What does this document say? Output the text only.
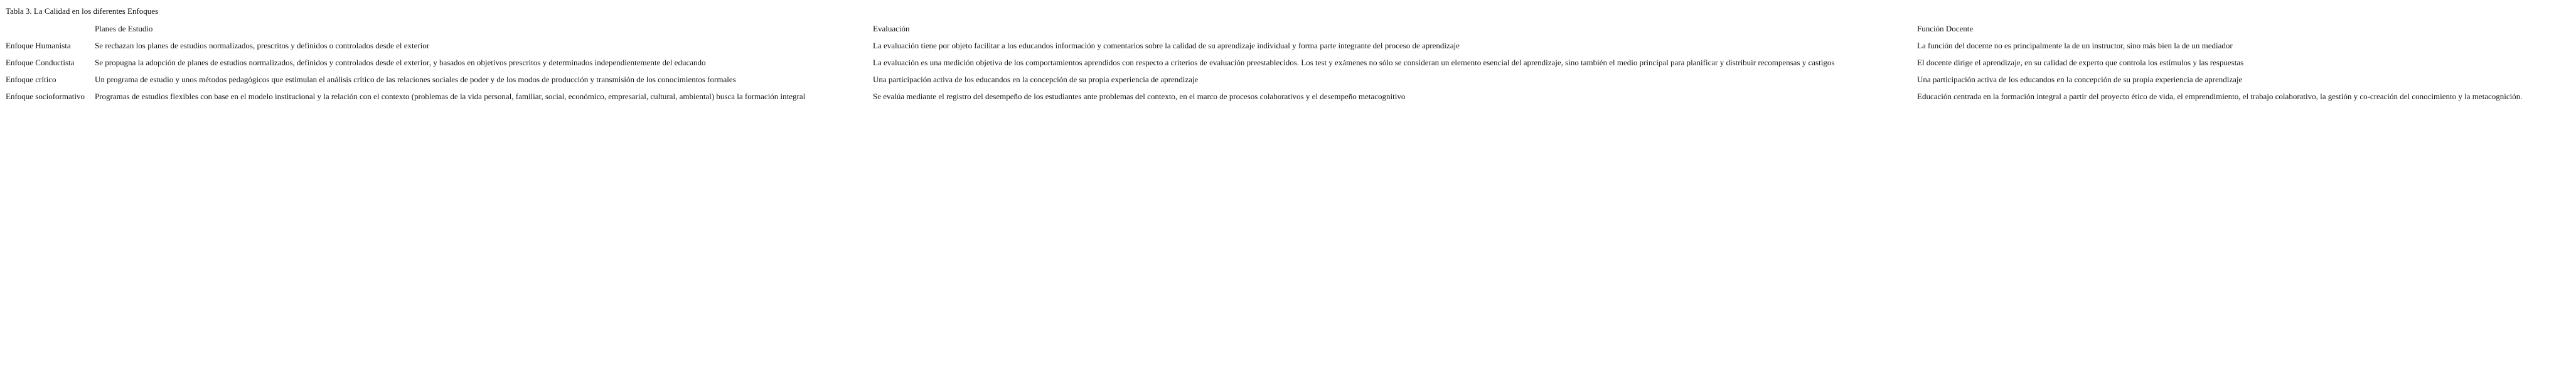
Tabla 3. La Calidad en los diferentes Enfoques
	Planes de Estudio	Evaluación	Función Docente
Enfoque Humanista	Se rechazan los planes de estudios normalizados, prescritos y definidos o controlados desde el exterior	La evaluación tiene por objeto facilitar a los educandos información y comentarios sobre la calidad de su aprendizaje individual y forma parte integrante del proceso de aprendizaje	La función del docente no es principalmente la de un instructor, sino más bien la de un mediador
Enfoque Conductista	Se propugna la adopción de planes de estudios normalizados, definidos y controlados desde el exterior, y basados en objetivos prescritos y determinados independientemente del educando	La evaluación es una medición objetiva de los comportamientos aprendidos con respecto a criterios de evaluación preestablecidos. Los test y exámenes no sólo se consideran un elemento esencial del aprendizaje, sino también el medio principal para planificar y distribuir recompensas y castigos	El docente dirige el aprendizaje, en su calidad de experto que controla los estímulos y las respuestas
Enfoque crítico	Un programa de estudio y unos métodos pedagógicos que estimulan el análisis crítico de las relaciones sociales de poder y de los modos de producción y transmisión de los conocimientos formales	Una participación activa de los educandos en la concepción de su propia experiencia de aprendizaje	Una participación activa de los educandos en la concepción de su propia experiencia de aprendizaje
Enfoque socioformativo	Programas de estudios flexibles con base en el modelo institucional y la relación con el contexto (problemas de la vida personal, familiar, social, económico, empresarial, cultural, ambiental) busca la formación integral	Se evalúa mediante el registro del desempeño de los estudiantes ante problemas del contexto, en el marco de procesos colaborativos y el desempeño metacognitivo	Educación centrada en la formación integral a partir del proyecto ético de vida, el emprendimiento, el trabajo colaborativo, la gestión y co-creación del conocimiento y la metacognición.
